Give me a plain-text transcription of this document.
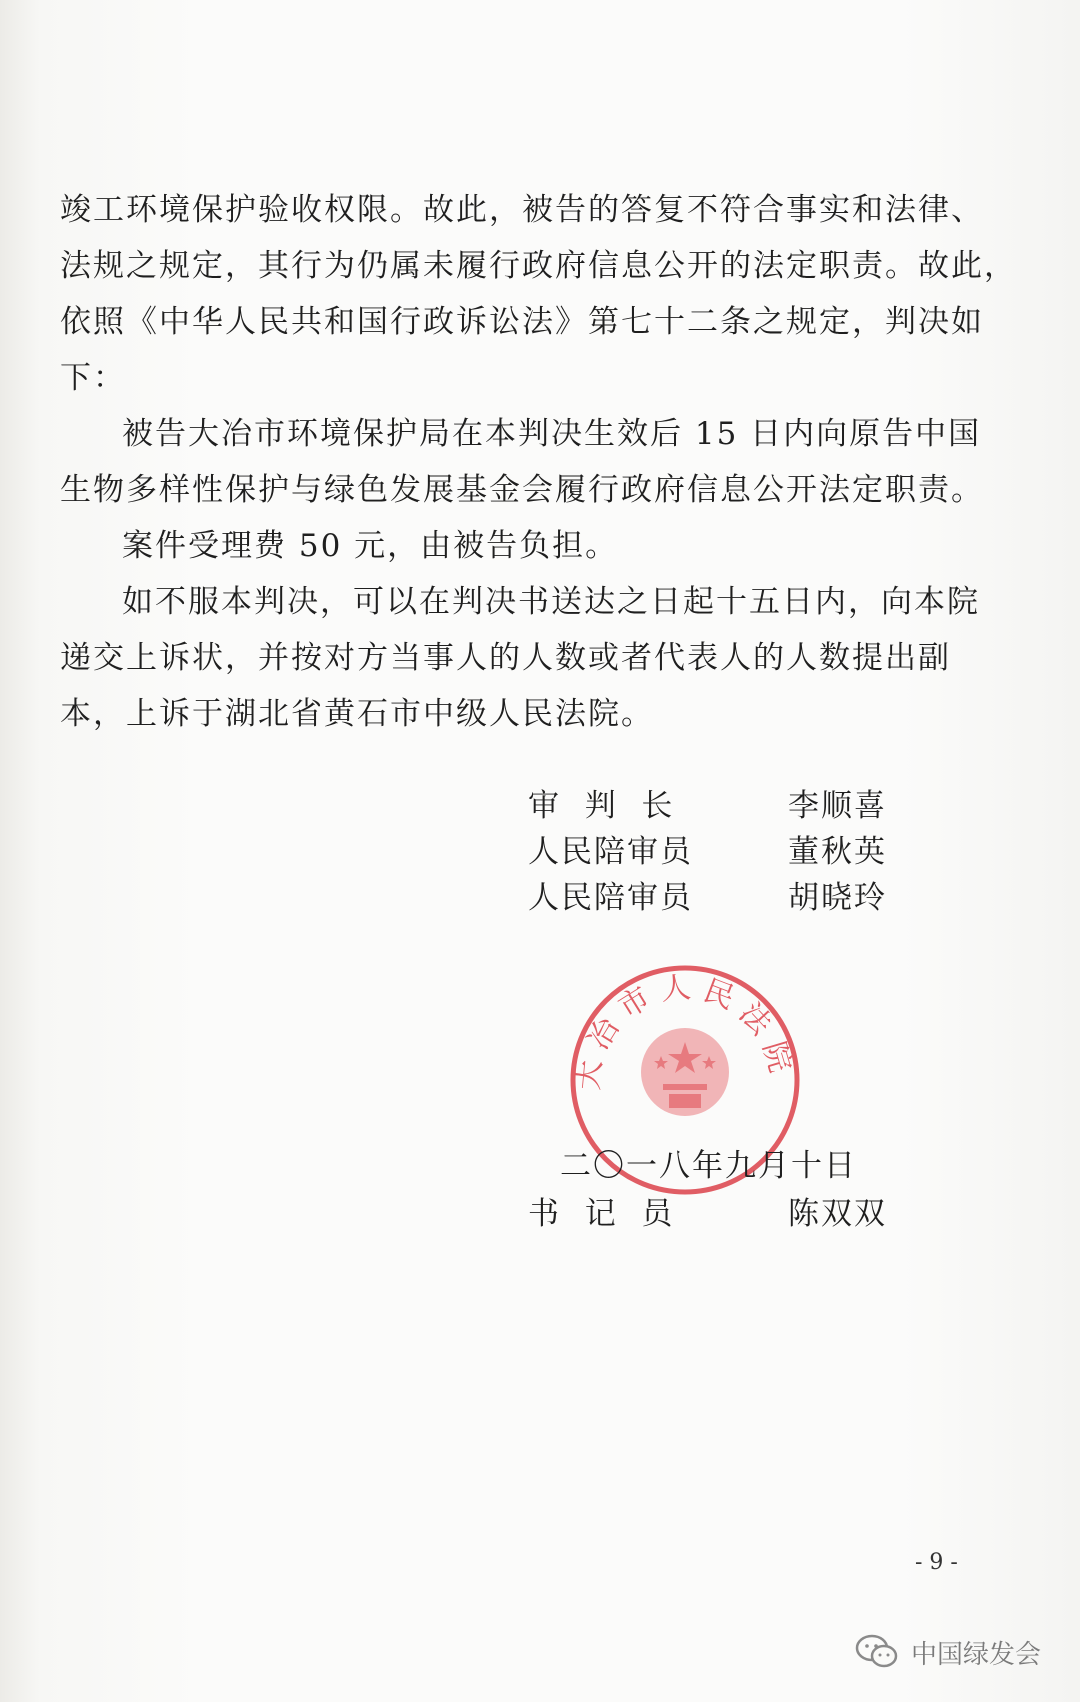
竣工环境保护验收权限。故此，被告的答复不符合事实和法律、
法规之规定，其行为仍属未履行政府信息公开的法定职责。故此，
依照《中华人民共和国行政诉讼法》第七十二条之规定，判决如
下：
被告大冶市环境保护局在本判决生效后 15 日内向原告中国
生物多样性保护与绿色发展基金会履行政府信息公开法定职责。
案件受理费 50 元，由被告负担。
如不服本判决，可以在判决书送达之日起十五日内，向本院
递交上诉状，并按对方当事人的人数或者代表人的人数提出副
本，上诉于湖北省黄石市中级人民法院。
审  判  长	李顺喜
人民陪审员	董秋英
人民陪审员	胡晓玲
大 冶 市 人 民 法 院
二〇一八年九月十日
书  记  员	陈双双
- 9 -
中国绿发会
